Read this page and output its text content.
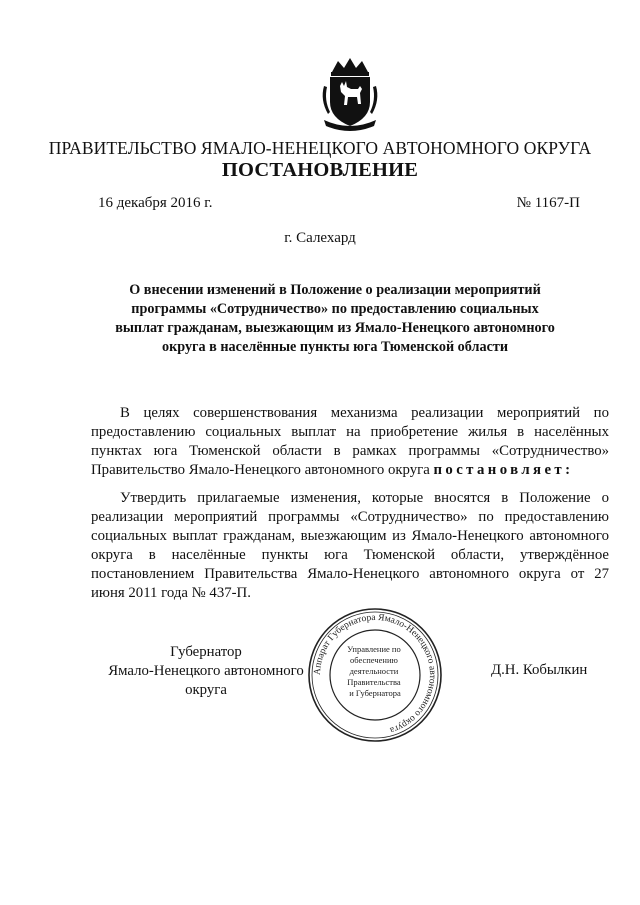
ПРАВИТЕЛЬСТВО ЯМАЛО-НЕНЕЦКОГО АВТОНОМНОГО ОКРУГА
ПОСТАНОВЛЕНИЕ
16 декабря 2016 г.	№ 1167-П
г. Салехард
О внесении изменений в Положение о реализации мероприятий программы «Сотрудничество» по предоставлению социальных выплат гражданам, выезжающим из Ямало-Ненецкого автономного округа в населённые пункты юга Тюменской области
В целях совершенствования механизма реализации мероприятий по предоставлению социальных выплат на приобретение жилья в населённых пунктах юга Тюменской области в рамках программы «Сотрудничество» Правительство Ямало-Ненецкого автономного округа постановляет:
Утвердить прилагаемые изменения, которые вносятся в Положение о реализации мероприятий программы «Сотрудничество» по предоставлению социальных выплат гражданам, выезжающим из Ямало-Ненецкого автономного округа в населённые пункты юга Тюменской области, утверждённое постановлением Правительства Ямало-Ненецкого автономного округа от 27 июня 2011 года № 437-П.
Губернатор
Ямало-Ненецкого автономного округа
Д.Н. Кобылкин
Аппарат Губернатора Ямало-Ненецкого автономного округа
Управление по обеспечению деятельности Правительства и Губернатора
